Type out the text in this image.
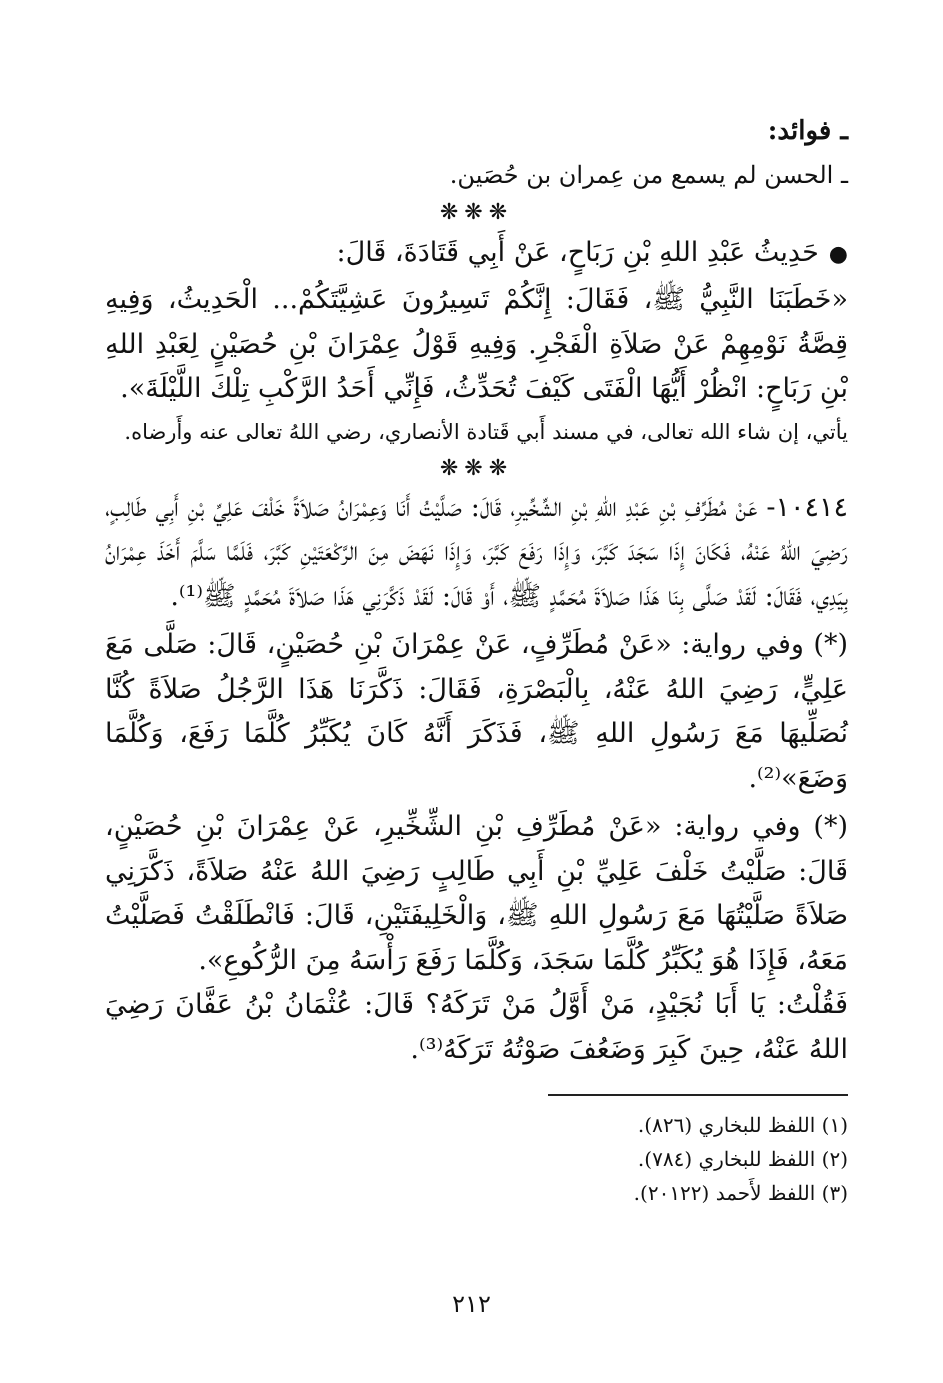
ـ فوائد:

ـ الحسن لم يسمع من عِمران بن حُصَين.

❋❋❋

●حَدِيثُ عَبْدِ اللهِ بْنِ رَبَاحٍ، عَنْ أَبِي قَتَادَةَ، قَالَ:

«خَطَبَنَا النَّبِيُّ ﷺ، فَقَالَ: إِنَّكُمْ تَسِيرُونَ عَشِيَّتَكُمْ... الْحَدِيثُ، وَفِيهِ قِصَّةُ نَوْمِهِمْ عَنْ صَلاَةِ الْفَجْرِ. وَفِيهِ قَوْلُ عِمْرَانَ بْنِ حُصَيْنٍ لِعَبْدِ اللهِ بْنِ رَبَاحٍ: انْظُرْ أَيُّهَا الْفَتَى كَيْفَ تُحَدِّثُ، فَإِنِّي أَحَدُ الرَّكْبِ تِلْكَ اللَّيْلَةَ».

يأتي، إن شاء الله تعالى، في مسند أَبي قَتادة الأنصاري، رضي اللهُ تعالى عنه وأَرضاه.

❋❋❋

١٠٤١٤- عَنْ مُطَرِّفِ بْنِ عَبْدِ اللهِ بْنِ الشِّخِّيرِ، قَالَ: صَلَّيْتُ أَنَا وَعِمْرَانُ صَلاَةً خَلْفَ عَلِيِّ بْنِ أَبِي طَالِبٍ، رَضِيَ اللهُ عَنْهُ، فَكَانَ إِذَا سَجَدَ كَبَّرَ، وَإِذَا رَفَعَ كَبَّرَ، وَإِذَا نَهَضَ مِنَ الرَّكْعَتَيْنِ كَبَّرَ، فَلَمَّا سَلَّمَ أَخَذَ عِمْرَانُ بِيَدِي، فَقَالَ: لَقَدْ صَلَّى بِنَا هَذَا صَلاَةَ مُحَمَّدٍ ﷺ، أَوْ قَالَ: لَقَدْ ذَكَّرَنِي هَذَا صَلاَةَ مُحَمَّدٍ ﷺ⁽¹⁾.

(*) وفي رواية: «عَنْ مُطَرِّفٍ، عَنْ عِمْرَانَ بْنِ حُصَيْنٍ، قَالَ: صَلَّى مَعَ عَلِيٍّ، رَضِيَ اللهُ عَنْهُ، بِالْبَصْرَةِ، فَقَالَ: ذَكَّرَنَا هَذَا الرَّجُلُ صَلاَةً كُنَّا نُصَلِّيهَا مَعَ رَسُولِ اللهِ ﷺ، فَذَكَرَ أَنَّهُ كَانَ يُكَبِّرُ كُلَّمَا رَفَعَ، وَكُلَّمَا وَضَعَ»⁽²⁾.

(*) وفي رواية: «عَنْ مُطَرِّفِ بْنِ الشِّخِّيرِ، عَنْ عِمْرَانَ بْنِ حُصَيْنٍ، قَالَ: صَلَّيْتُ خَلْفَ عَلِيِّ بْنِ أَبِي طَالِبٍ رَضِيَ اللهُ عَنْهُ صَلاَةً، ذَكَّرَنِي صَلاَةً صَلَّيْتُهَا مَعَ رَسُولِ اللهِ ﷺ، وَالْخَلِيفَتَيْنِ، قَالَ: فَانْطَلَقْتُ فَصَلَّيْتُ مَعَهُ، فَإِذَا هُوَ يُكَبِّرُ كُلَّمَا سَجَدَ، وَكُلَّمَا رَفَعَ رَأْسَهُ مِنَ الرُّكُوعِ».

فَقُلْتُ: يَا أَبَا نُجَيْدٍ، مَنْ أَوَّلُ مَنْ تَرَكَهُ؟ قَالَ: عُثْمَانُ بْنُ عَفَّانَ رَضِيَ اللهُ عَنْهُ، حِينَ كَبِرَ وَضَعُفَ صَوْتُهُ تَرَكَهُ⁽³⁾.

(١) اللفظ للبخاري (٨٢٦).

(٢) اللفظ للبخاري (٧٨٤).

(٣) اللفظ لأَحمد (٢٠١٢٢).

٢١٢
